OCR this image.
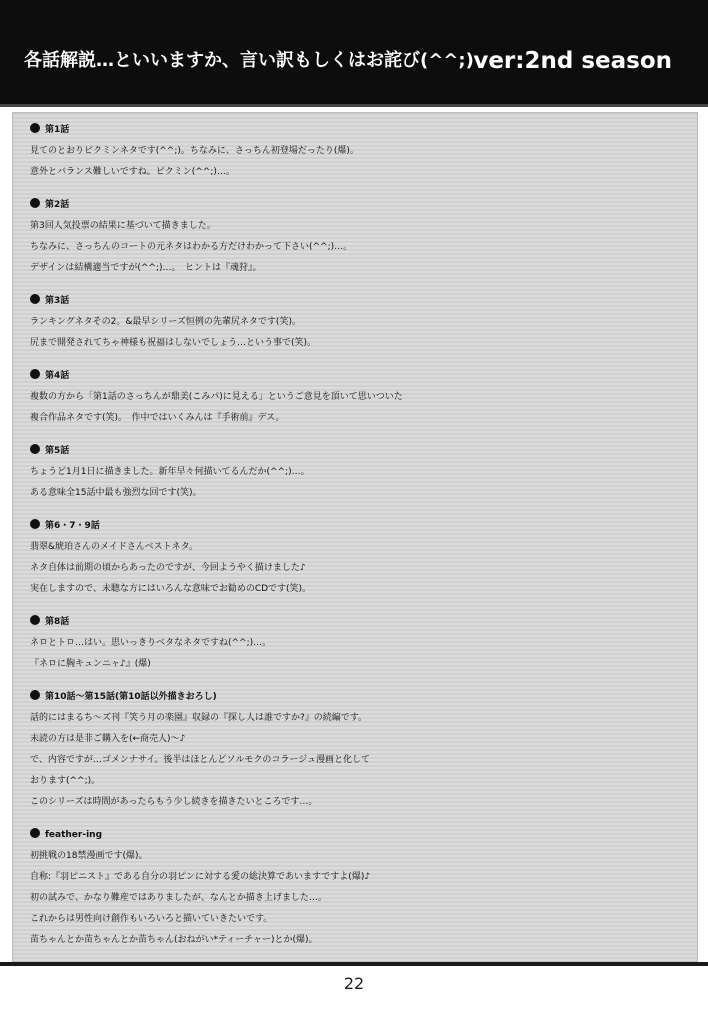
各話解説…といいますか、言い訳もしくはお詫び(^^;) ver:2nd season
第1話
見てのとおりピクミンネタです(^^;)。ちなみに、さっちん初登場だったり(爆)。
意外とバランス難しいですね。ピクミン(^^;)…。
第2話
第3回人気投票の結果に基づいて描きました。
ちなみに、さっちんのコートの元ネタはわかる方だけわかって下さい(^^;)…。
デザインは結構適当ですが(^^;)…。　ヒントは『魂狩』。
第3話
ランキングネタその2。&最早シリーズ恒例の先輩尻ネタです(笑)。
尻まで開発されてちゃ神様も祝福はしないでしょう…という事で(笑)。
第4話
複数の方から「第1話のさっちんが鼎美(こみパ)に見える」というご意見を頂いて思いついた
複合作品ネタです(笑)。　作中ではいくみんは『手術前』デス。
第5話
ちょうど1月1日に描きました。新年早々何描いてるんだか(^^;)…。
ある意味全15話中最も強烈な回です(笑)。
第6・7・9話
翡翠&琥珀さんのメイドさんベストネタ。
ネタ自体は前期の頃からあったのですが、今回ようやく描けました♪
実在しますので、未聴な方にはいろんな意味でお勧めのCDです(笑)。
第8話
ネロとトロ…はい。思いっきりベタなネタですね(^^;)…。
『ネロに胸キュンニャ♪』(爆)
第10話〜第15話(第10話以外描きおろし)
話的にはまるち〜ズ刊『笑う月の楽園』収録の『探し人は誰ですか?』の続編です。
未読の方は是非ご購入を(←商売人)〜♪
で、内容ですが…ゴメンナサイ。後半はほとんどソルモクのコラージュ漫画と化して
おります(^^;)。
このシリーズは時間があったらもう少し続きを描きたいところです…。
feather-ing
初挑戦の18禁漫画です(爆)。
自称:『羽ピニスト』である自分の羽ピンに対する愛の総決算であいますですよ(爆)♪
初の試みで、かなり難産ではありましたが、なんとか描き上げました…。
これからは男性向け創作もいろいろと描いていきたいです。
苗ちゃんとか苗ちゃんとか苗ちゃん(おねがい*ティーチャー)とか(爆)。
22
